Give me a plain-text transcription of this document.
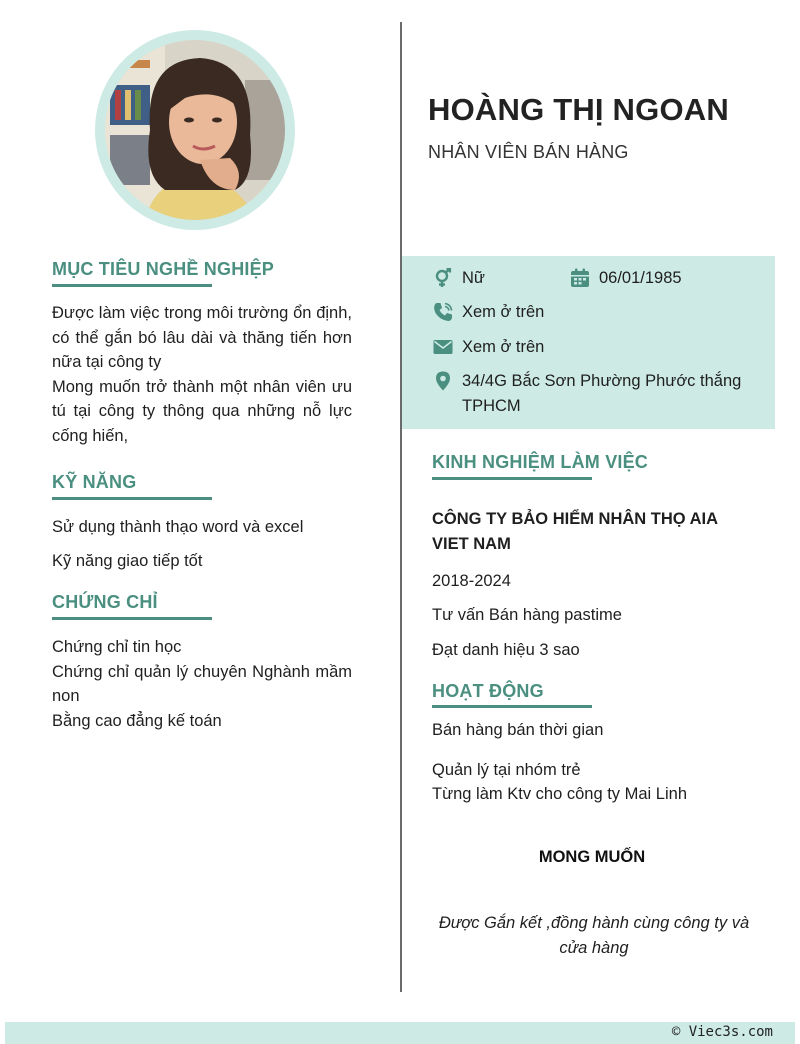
MỤC TIÊU NGHỀ NGHIỆP

Được làm việc trong môi trường ổn định, có thể gắn bó lâu dài và thăng tiến hơn nữa tại công ty

Mong muốn trở thành một nhân viên ưu tú tại công ty thông qua những nỗ lực cống hiến,

KỸ NĂNG
Sử dụng thành thạo word và excel
Kỹ năng giao tiếp tốt
CHỨNG CHỈ

Chứng chỉ tin học

Chứng chỉ quản lý chuyên Nghành mầm non

Bằng cao đẳng kế toán

HOÀNG THỊ NGOAN
NHÂN VIÊN BÁN HÀNG
Nữ	06/01/1985
Xem ở trên
Xem ở trên
34/4G Bắc Sơn Phường Phước thắng
TPHCM
KINH NGHIỆM LÀM VIỆC
CÔNG TY BẢO HIỂM NHÂN THỌ AIA VIET NAM
2018-2024
Tư vấn Bán hàng pastime
Đạt danh hiệu 3 sao
HOẠT ĐỘNG
Bán hàng bán thời gian
Quản lý tại nhóm trẻ
Từng làm Ktv cho công ty Mai Linh
MONG MUỐN
Được Gắn kết ,đồng hành cùng công ty và cửa hàng
© Viec3s.com
